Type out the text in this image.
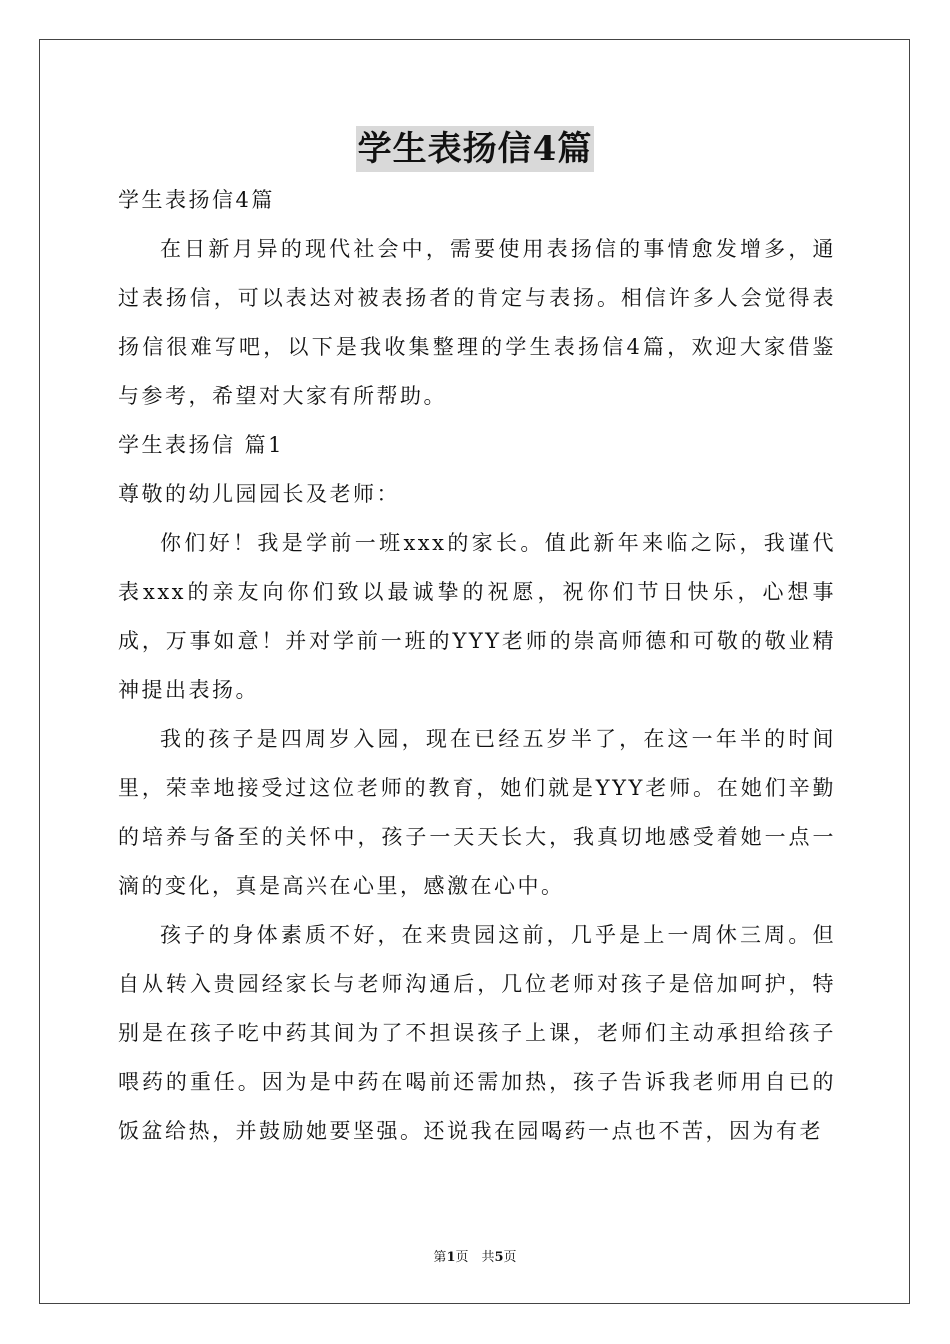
学生表扬信4篇

学生表扬信4篇

在日新月异的现代社会中，需要使用表扬信的事情愈发增多，通过表扬信，可以表达对被表扬者的肯定与表扬。相信许多人会觉得表扬信很难写吧，以下是我收集整理的学生表扬信4篇，欢迎大家借鉴与参考，希望对大家有所帮助。

学生表扬信 篇1

尊敬的幼儿园园长及老师：

你们好！我是学前一班xxx的家长。值此新年来临之际，我谨代表xxx的亲友向你们致以最诚挚的祝愿，祝你们节日快乐，心想事成，万事如意！并对学前一班的YYY老师的崇高师德和可敬的敬业精神提出表扬。

我的孩子是四周岁入园，现在已经五岁半了，在这一年半的时间里，荣幸地接受过这位老师的教育，她们就是YYY老师。在她们辛勤的培养与备至的关怀中，孩子一天天长大，我真切地感受着她一点一滴的变化，真是高兴在心里，感激在心中。

孩子的身体素质不好，在来贵园这前，几乎是上一周休三周。但自从转入贵园经家长与老师沟通后，几位老师对孩子是倍加呵护，特别是在孩子吃中药其间为了不担误孩子上课，老师们主动承担给孩子喂药的重任。因为是中药在喝前还需加热，孩子告诉我老师用自已的饭盆给热，并鼓励她要坚强。还说我在园喝药一点也不苦，因为有老

第1页　共5页
